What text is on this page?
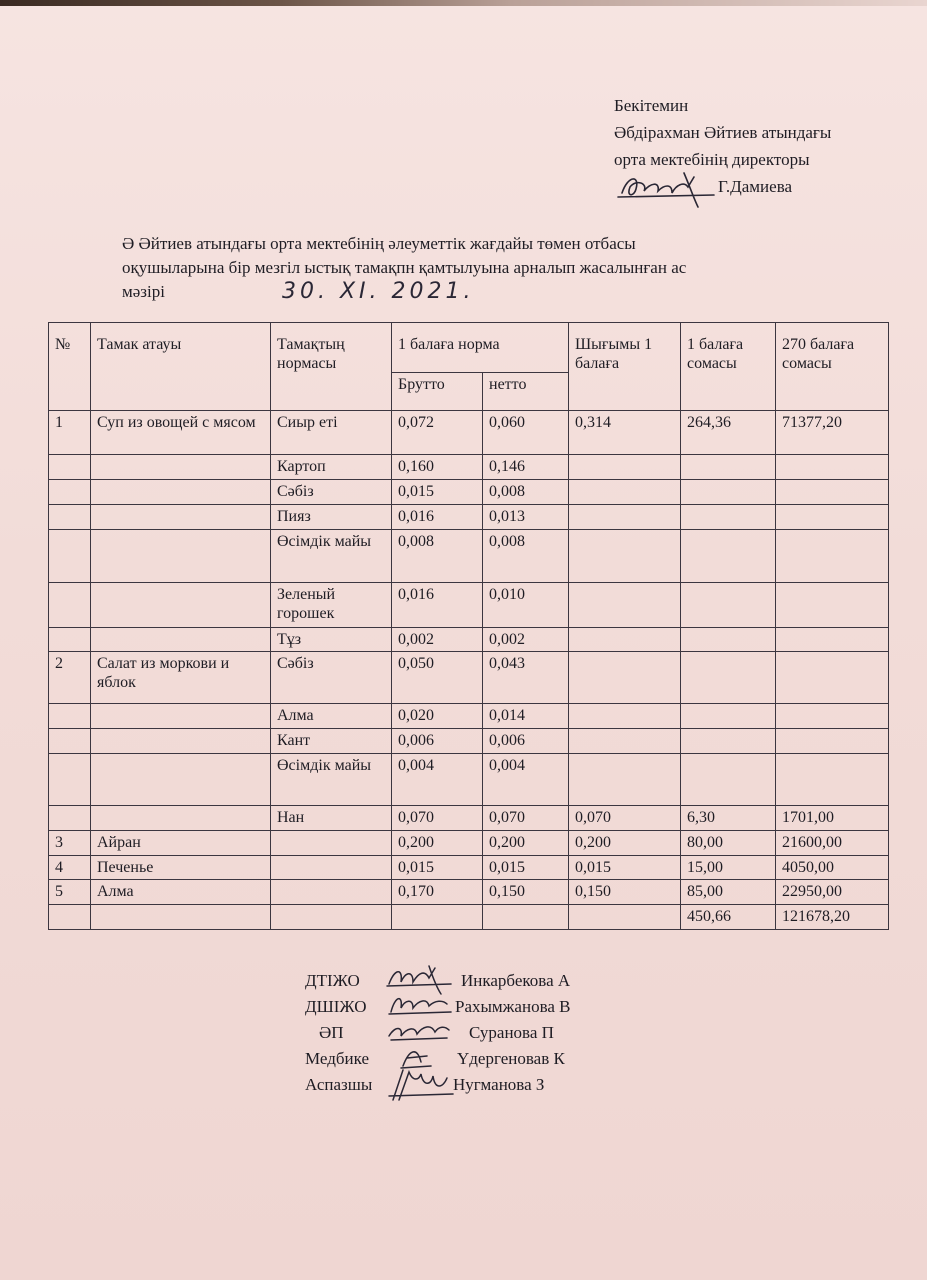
Бекітемин
Әбдірахман Әйтиев атындағы
орта мектебінің директоры
Г.Дамиева
Ә Әйтиев атындағы орта мектебінің әлеуметтік жағдайы төмен отбасы
оқушыларына бір мезгіл ыстық тамақпн қамтылуына арналып жасалынған ас
мәзірі	30. XI. 2021.
№	Тамак атауы	Тамақтың нормасы	1 балаға норма		Шығымы 1 балаға	1 балаға сомасы	270 балаға сомасы
			Брутто	нетто			
1	Суп из овощей с мясом	Сиыр еті	0,072	0,060	0,314	264,36	71377,20
		Картоп	0,160	0,146			
		Сәбіз	0,015	0,008			
		Пияз	0,016	0,013			
		Өсімдік майы	0,008	0,008			
		Зеленый горошек	0,016	0,010			
		Тұз	0,002	0,002			
2	Салат из моркови и яблок	Сәбіз	0,050	0,043			
		Алма	0,020	0,014			
		Кант	0,006	0,006			
		Өсімдік майы	0,004	0,004			
		Нан	0,070	0,070	0,070	6,30	1701,00
3	Айран		0,200	0,200	0,200	80,00	21600,00
4	Печенье		0,015	0,015	0,015	15,00	4050,00
5	Алма		0,170	0,150	0,150	85,00	22950,00
						450,66	121678,20
ДТІЖО	Инкарбекова А
ДШІЖО	Рахымжанова В
ӘП	Суранова П
Медбике	Үдергеновав К
Аспазшы	Нугманова З
